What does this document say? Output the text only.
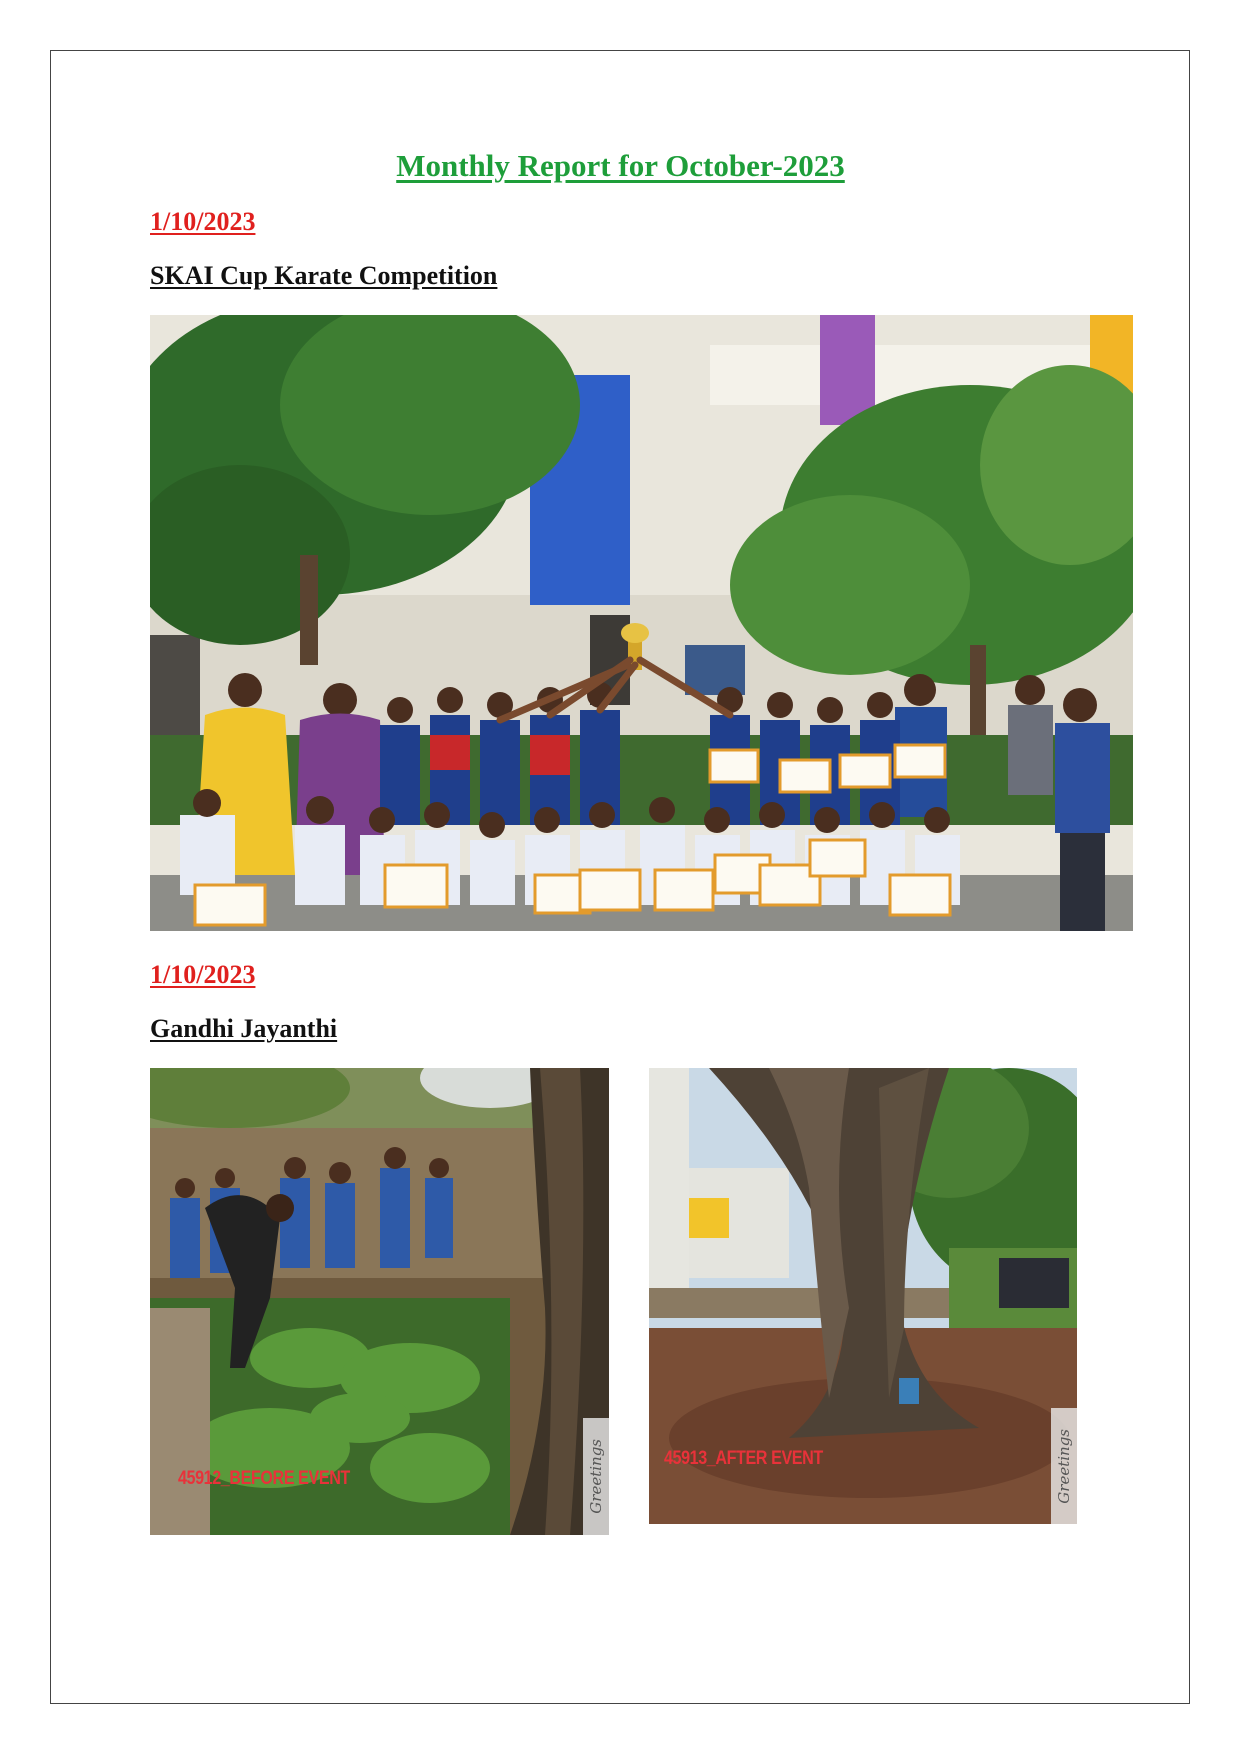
Monthly Report for October-2023
1/10/2023
SKAI Cup Karate Competition
1/10/2023
Gandhi Jayanthi
45912_BEFORE EVENT	Greetings	45913_AFTER EVENT	Greetings
